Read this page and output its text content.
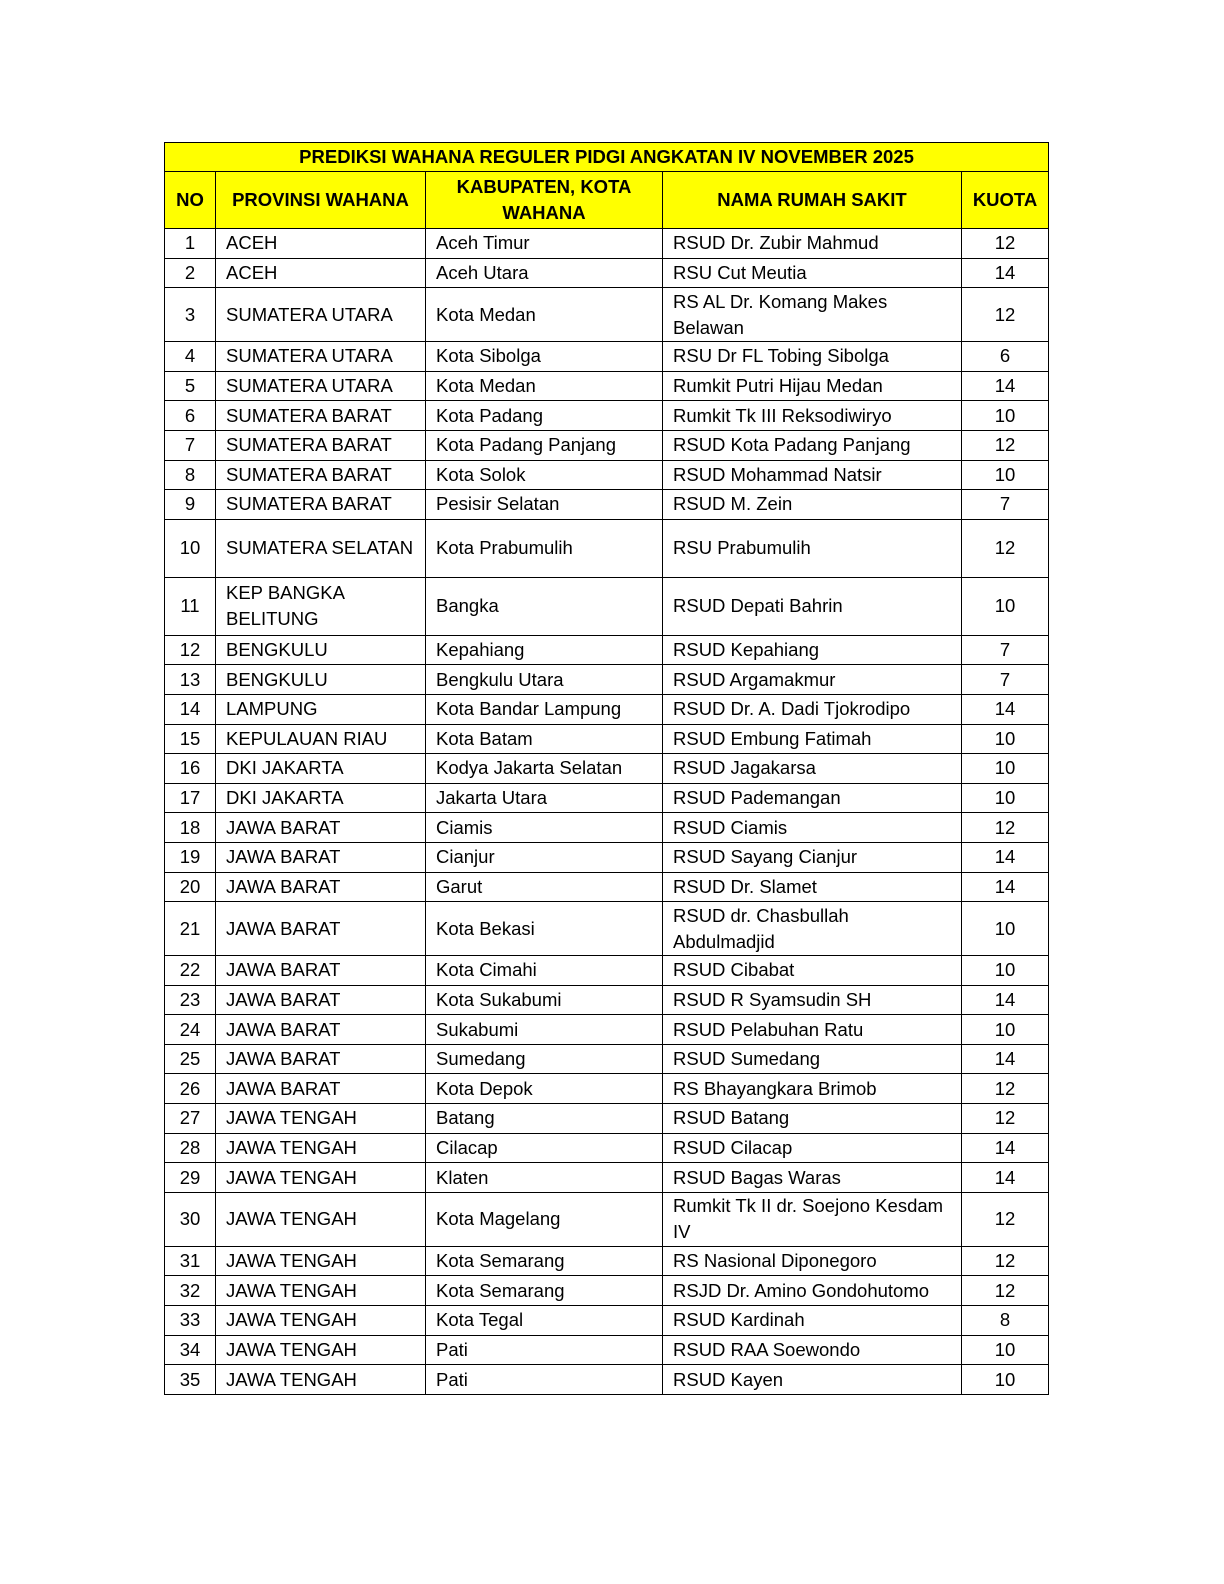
PREDIKSI WAHANA REGULER PIDGI ANGKATAN IV NOVEMBER 2025				
NO	PROVINSI WAHANA	KABUPATEN, KOTA WAHANA	NAMA RUMAH SAKIT	KUOTA
1	ACEH	Aceh Timur	RSUD Dr. Zubir Mahmud	12
2	ACEH	Aceh Utara	RSU Cut Meutia	14
3	SUMATERA UTARA	Kota Medan	RS AL Dr. Komang Makes Belawan	12
4	SUMATERA UTARA	Kota Sibolga	RSU Dr FL Tobing Sibolga	6
5	SUMATERA UTARA	Kota Medan	Rumkit Putri Hijau Medan	14
6	SUMATERA BARAT	Kota Padang	Rumkit Tk III Reksodiwiryo	10
7	SUMATERA BARAT	Kota Padang Panjang	RSUD Kota Padang Panjang	12
8	SUMATERA BARAT	Kota Solok	RSUD Mohammad Natsir	10
9	SUMATERA BARAT	Pesisir Selatan	RSUD M. Zein	7
10	SUMATERA SELATAN	Kota Prabumulih	RSU Prabumulih	12
11	KEP BANGKA BELITUNG	Bangka	RSUD Depati Bahrin	10
12	BENGKULU	Kepahiang	RSUD Kepahiang	7
13	BENGKULU	Bengkulu Utara	RSUD Argamakmur	7
14	LAMPUNG	Kota Bandar Lampung	RSUD Dr. A. Dadi Tjokrodipo	14
15	KEPULAUAN RIAU	Kota Batam	RSUD Embung Fatimah	10
16	DKI JAKARTA	Kodya Jakarta Selatan	RSUD Jagakarsa	10
17	DKI JAKARTA	Jakarta Utara	RSUD Pademangan	10
18	JAWA BARAT	Ciamis	RSUD Ciamis	12
19	JAWA BARAT	Cianjur	RSUD Sayang Cianjur	14
20	JAWA BARAT	Garut	RSUD Dr. Slamet	14
21	JAWA BARAT	Kota Bekasi	RSUD dr. Chasbullah Abdulmadjid	10
22	JAWA BARAT	Kota Cimahi	RSUD Cibabat	10
23	JAWA BARAT	Kota Sukabumi	RSUD R Syamsudin SH	14
24	JAWA BARAT	Sukabumi	RSUD Pelabuhan Ratu	10
25	JAWA BARAT	Sumedang	RSUD Sumedang	14
26	JAWA BARAT	Kota Depok	RS Bhayangkara Brimob	12
27	JAWA TENGAH	Batang	RSUD Batang	12
28	JAWA TENGAH	Cilacap	RSUD Cilacap	14
29	JAWA TENGAH	Klaten	RSUD Bagas Waras	14
30	JAWA TENGAH	Kota Magelang	Rumkit Tk II dr. Soejono Kesdam IV	12
31	JAWA TENGAH	Kota Semarang	RS Nasional Diponegoro	12
32	JAWA TENGAH	Kota Semarang	RSJD Dr. Amino Gondohutomo	12
33	JAWA TENGAH	Kota Tegal	RSUD Kardinah	8
34	JAWA TENGAH	Pati	RSUD RAA Soewondo	10
35	JAWA TENGAH	Pati	RSUD Kayen	10
